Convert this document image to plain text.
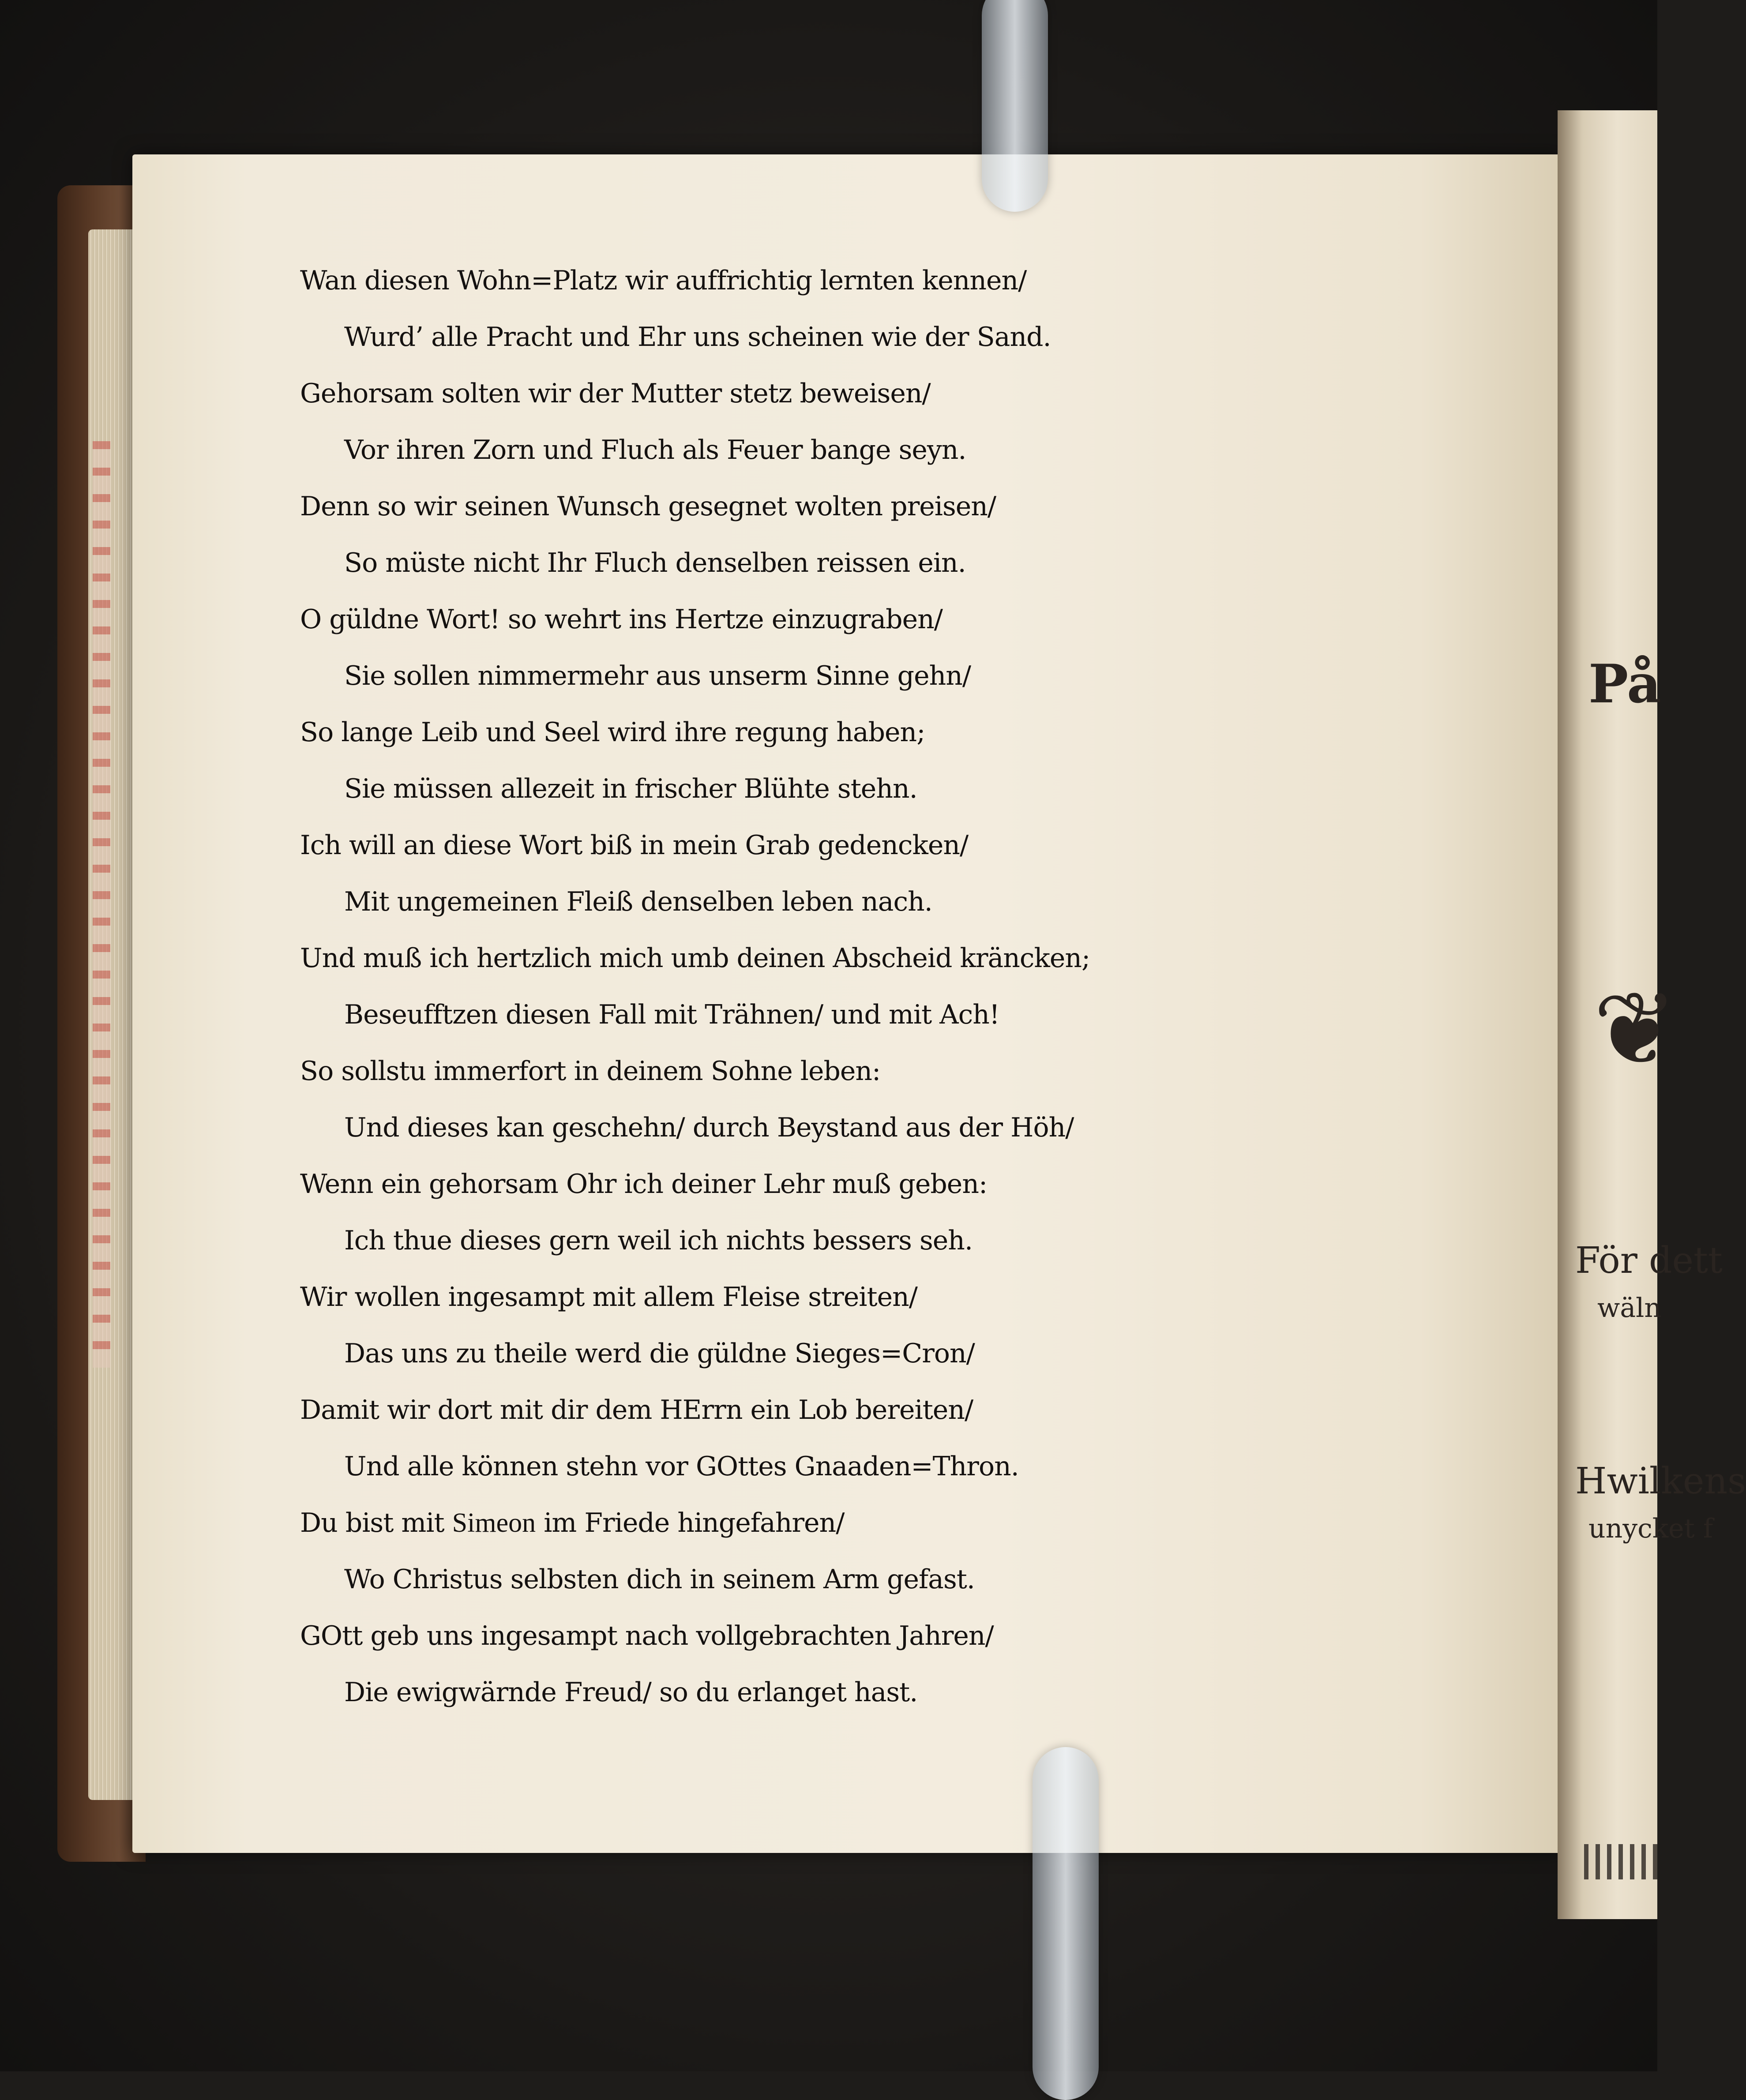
På
❦
För dett
wäln
Hwilkens
unycket f
Wan diesen Wohn=Platz wir auffrichtig lernten kennen/
Wurd’ alle Pracht und Ehr uns scheinen wie der Sand.
Gehorsam solten wir der Mutter stetz beweisen/
Vor ihren Zorn und Fluch als Feuer bange seyn.
Denn so wir seinen Wunsch gesegnet wolten preisen/
So müste nicht Ihr Fluch denselben reissen ein.
O güldne Wort! so wehrt ins Hertze einzugraben/
Sie sollen nimmermehr aus unserm Sinne gehn/
So lange Leib und Seel wird ihre regung haben;
Sie müssen allezeit in frischer Blühte stehn.
Ich will an diese Wort biß in mein Grab gedencken/
Mit ungemeinen Fleiß denselben leben nach.
Und muß ich hertzlich mich umb deinen Abscheid kräncken;
Beseufftzen diesen Fall mit Trähnen/ und mit Ach!
So sollstu immerfort in deinem Sohne leben:
Und dieses kan geschehn/ durch Beystand aus der Höh/
Wenn ein gehorsam Ohr ich deiner Lehr muß geben:
Ich thue dieses gern weil ich nichts bessers seh.
Wir wollen ingesampt mit allem Fleise streiten/
Das uns zu theile werd die güldne Sieges=Cron/
Damit wir dort mit dir dem HErrn ein Lob bereiten/
Und alle können stehn vor GOttes Gnaaden=Thron.
Du bist mit Simeon im Friede hingefahren/
Wo Christus selbsten dich in seinem Arm gefast.
GOtt geb uns ingesampt nach vollgebrachten Jahren/
Die ewigwärnde Freud/ so du erlanget hast.
